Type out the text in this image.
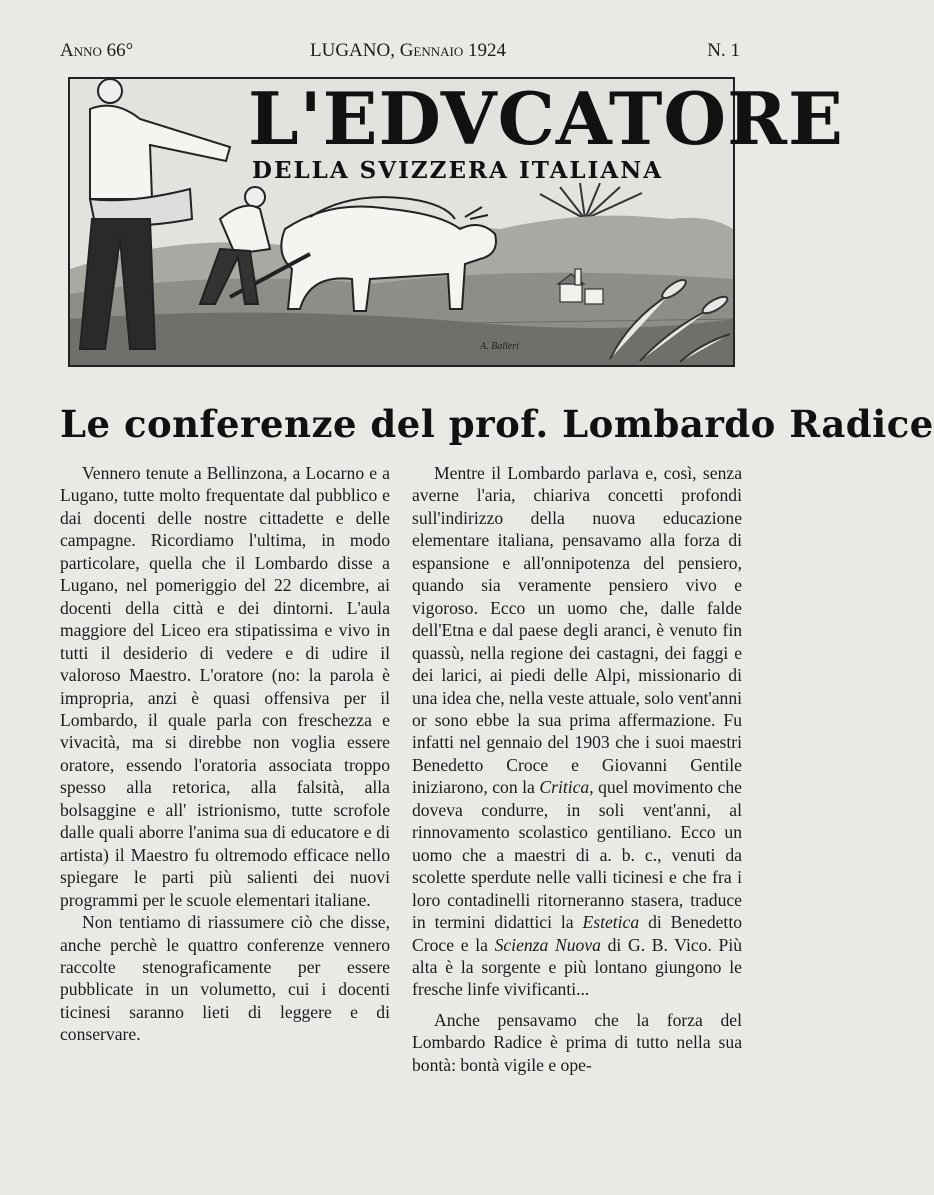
Anno 66°	LUGANO, Gennaio 1924	N. 1
L'EDVCATORE
DELLA SVIZZERA ITALIANA
A. Balleri
Le conferenze del prof. Lombardo Radice

Vennero tenute a Bellinzona, a Locarno e a Lugano, tutte molto frequentate dal pubblico e dai docenti delle nostre cittadette e delle campagne. Ricordiamo l'ultima, in modo particolare, quella che il Lombardo disse a Lugano, nel pomeriggio del 22 dicembre, ai docenti della città e dei dintorni. L'aula maggiore del Liceo era stipatissima e vivo in tutti il desiderio di vedere e di udire il valoroso Maestro. L'oratore (no: la parola è impropria, anzi è quasi offensiva per il Lombardo, il quale parla con freschezza e vivacità, ma si direbbe non voglia essere oratore, essendo l'oratoria associata troppo spesso alla retorica, alla falsità, alla bolsaggine e all' istrionismo, tutte scrofole dalle quali aborre l'anima sua di educatore e di artista) il Maestro fu oltremodo efficace nello spiegare le parti più salienti dei nuovi programmi per le scuole elementari italiane.

Non tentiamo di riassumere ciò che disse, anche perchè le quattro conferenze vennero raccolte stenograficamente per essere pubblicate in un volumetto, cui i docenti ticinesi saranno lieti di leggere e di conservare.

Mentre il Lombardo parlava e, così, senza averne l'aria, chiariva concetti profondi sull'indirizzo della nuova educazione elementare italiana, pensavamo alla forza di espansione e all'onnipotenza del pensiero, quando sia veramente pensiero vivo e vigoroso. Ecco un uomo che, dalle falde dell'Etna e dal paese degli aranci, è venuto fin quassù, nella regione dei castagni, dei faggi e dei larici, ai piedi delle Alpi, missionario di una idea che, nella veste attuale, solo vent'anni or sono ebbe la sua prima affermazione. Fu infatti nel gennaio del 1903 che i suoi maestri Benedetto Croce e Giovanni Gentile iniziarono, con la Critica, quel movimento che doveva condurre, in soli vent'anni, al rinnovamento scolastico gentiliano. Ecco un uomo che a maestri di a. b. c., venuti da scolette sperdute nelle valli ticinesi e che fra i loro contadinelli ritorneranno stasera, traduce in termini didattici la Estetica di Benedetto Croce e la Scienza Nuova di G. B. Vico. Più alta è la sorgente e più lontano giungono le fresche linfe vivificanti...

Anche pensavamo che la forza del Lombardo Radice è prima di tutto nella sua bontà: bontà vigile e ope-
